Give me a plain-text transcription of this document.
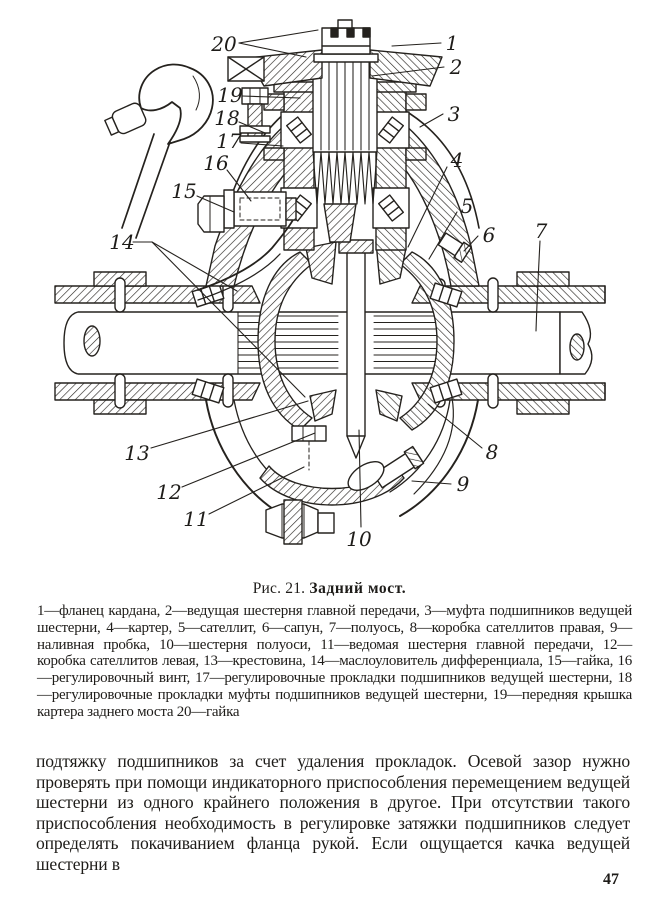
1
2
3
4
5
6 7
8
9
10
11
12
13
14
15
16
17
18
19
20
Рис. 21. Задний мост.

1—фланец кардана, 2—ведущая шестерня главной передачи, 3—муфта подшипников ведущей шестерни, 4—картер, 5—сателлит, 6—сапун, 7—полуось, 8—коробка сателлитов правая, 9—наливная пробка, 10—шестерня полуоси, 11—ведомая шестерня главной передачи, 12—коробка сателлитов левая, 13—крестовина, 14—маслоуловитель дифференциала, 15—гайка, 16—регулировочный винт, 17—регулировочные прокладки подшипников ведущей шестерни, 18—регулировочные прокладки муфты подшипников ведущей шестерни, 19—передняя крышка картера заднего моста 20—гайка

подтяжку подшипников за счет удаления прокладок. Осевой зазор нужно проверять при помощи индикаторного приспособления перемещением ведущей шестерни из одного крайнего положения в другое. При отсутствии такого приспособления необходимость в регулировке затяжки подшипников следует определять покачиванием фланца рукой. Если ощущается качка ведущей шестерни в

47
